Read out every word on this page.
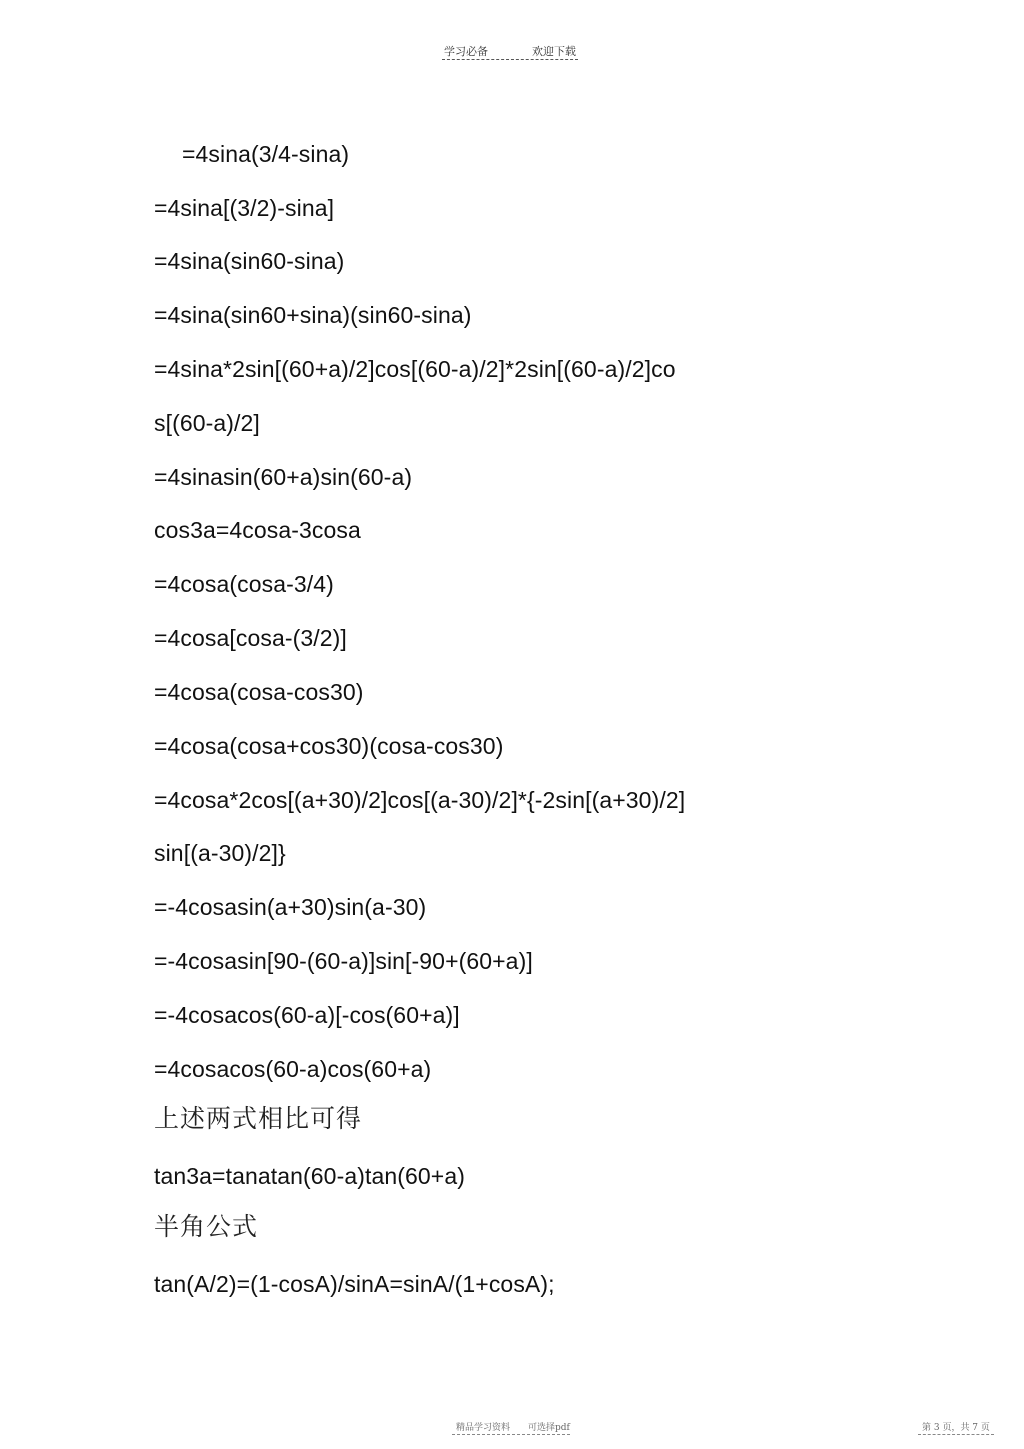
学习必备	欢迎下载
=4sina(3/4-sina)
=4sina[(3/2)-sina]
=4sina(sin60-sina)
=4sina(sin60+sina)(sin60-sina)
=4sina*2sin[(60+a)/2]cos[(60-a)/2]*2sin[(60-a)/2]co
s[(60-a)/2]
=4sinasin(60+a)sin(60-a)
cos3a=4cosa-3cosa
=4cosa(cosa-3/4)
=4cosa[cosa-(3/2)]
=4cosa(cosa-cos30)
=4cosa(cosa+cos30)(cosa-cos30)
=4cosa*2cos[(a+30)/2]cos[(a-30)/2]*{-2sin[(a+30)/2]
sin[(a-30)/2]}
=-4cosasin(a+30)sin(a-30)
=-4cosasin[90-(60-a)]sin[-90+(60+a)]
=-4cosacos(60-a)[-cos(60+a)]
=4cosacos(60-a)cos(60+a)
上述两式相比可得
tan3a=tanatan(60-a)tan(60+a)
半角公式
tan(A/2)=(1-cosA)/sinA=sinA/(1+cosA);
精品学习资料　　可选择pdf	第 3 页，共 7 页
